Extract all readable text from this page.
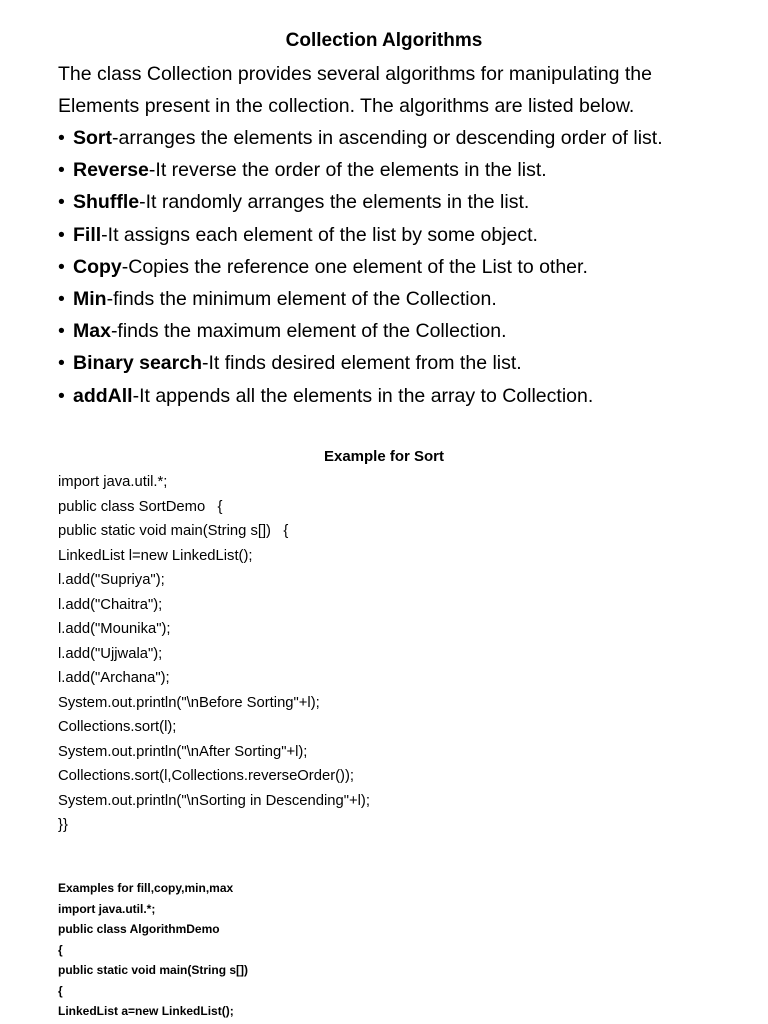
Collection Algorithms
The class Collection provides several algorithms for manipulating the Elements present in the collection. The algorithms are listed below.
• Sort-arranges the elements in ascending or descending order of list.
• Reverse-It reverse the order of the elements in the list.
• Shuffle-It randomly arranges the elements in the list.
• Fill-It assigns each element of the list by some object.
• Copy-Copies the reference one element of the List to other.
• Min-finds the minimum element of the Collection.
• Max-finds the maximum element of the Collection.
• Binary search-It finds desired element from the list.
• addAll-It appends all the elements in the array to Collection.
Example for Sort
import java.util.*;
public class SortDemo   {
public static void main(String s[])   {
LinkedList l=new LinkedList();
l.add("Supriya");
l.add("Chaitra");
l.add("Mounika");
l.add("Ujjwala");
l.add("Archana");
System.out.println("\nBefore Sorting"+l);
Collections.sort(l);
System.out.println("\nAfter Sorting"+l);
Collections.sort(l,Collections.reverseOrder());
System.out.println("\nSorting in Descending"+l);
}}
Examples for fill,copy,min,max
import java.util.*;
public class AlgorithmDemo
{
public static void main(String s[])
{
LinkedList a=new LinkedList();
